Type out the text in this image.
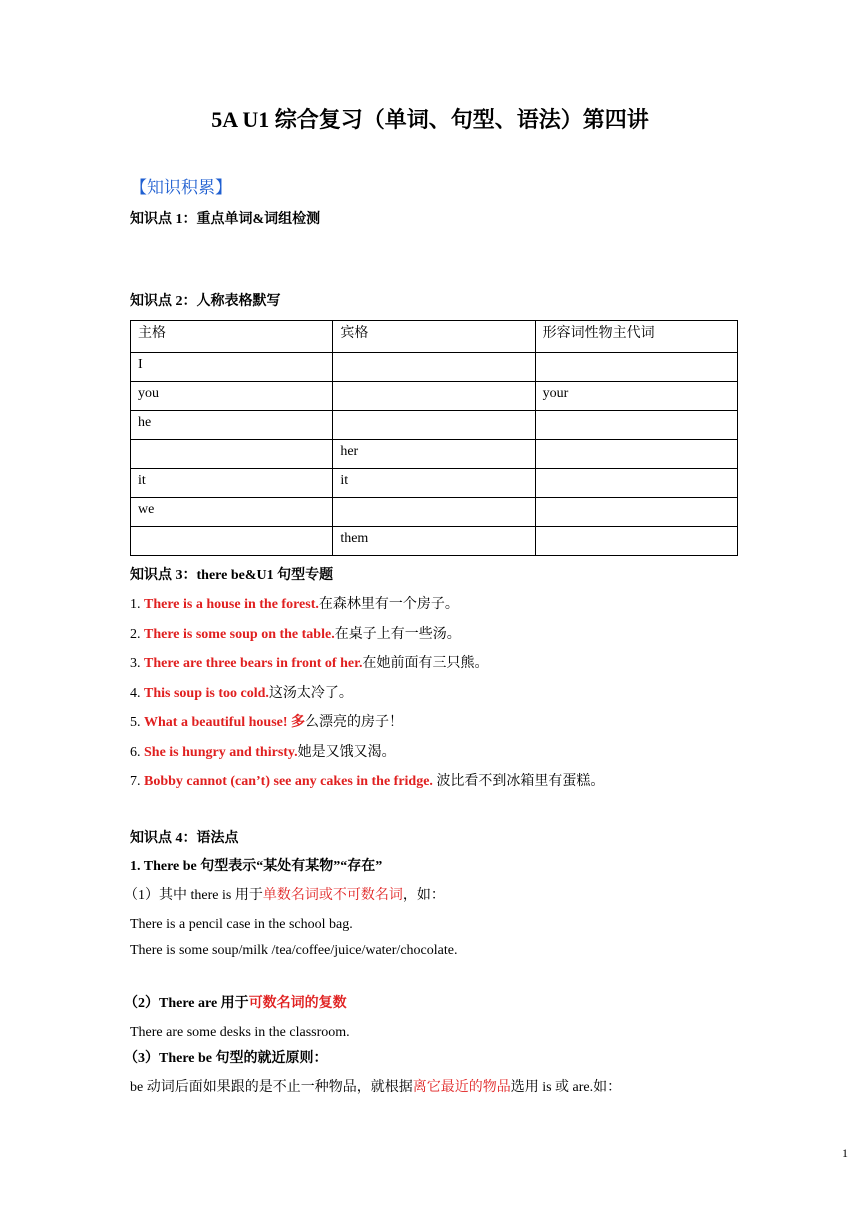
5A U1 综合复习（单词、句型、语法）第四讲
【知识积累】
知识点 1：重点单词&词组检测
知识点 2：人称表格默写
主格	宾格	形容词性物主代词
I		
you		your
he		
	her	
it	it	
we		
	them	
知识点 3：there be&U1 句型专题
1. There is a house in the forest.在森林里有一个房子。
2. There is some soup on the table.在桌子上有一些汤。
3. There are three bears in front of her.在她前面有三只熊。
4. This soup is too cold.这汤太冷了。
5. What a beautiful house! 多么漂亮的房子！
6. She is hungry and thirsty.她是又饿又渴。
7. Bobby cannot (can’t) see any cakes in the fridge. 波比看不到冰箱里有蛋糕。
知识点 4：语法点
1. There be 句型表示“某处有某物”“存在”
（1）其中 there is 用于单数名词或不可数名词，如：
There is a pencil case in the school bag.
There is some soup/milk /tea/coffee/juice/water/chocolate.
（2）There are 用于可数名词的复数
There are some desks in the classroom.
（3）There be 句型的就近原则：
be 动词后面如果跟的是不止一种物品，就根据离它最近的物品选用 is 或 are.如：
1
